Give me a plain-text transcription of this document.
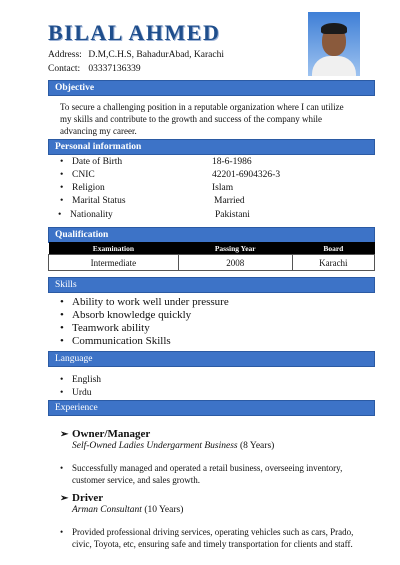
BILAL AHMED
Address: D.M,C.H.S, BahadurAbad, Karachi
Contact: 03337136339
Objective

To secure a challenging position in a reputable organization where I can utilize my skills and contribute to the growth and success of the company while advancing my career.

Personal information
• Date of Birth	18-6-1986
• CNIC	42201-6904326-3
• Religion	Islam
• Marital Status	Married
• Nationality	Pakistani
Qualification
Examination	Passing Year	Board
Intermediate	2008	Karachi
Skills
• Ability to work well under pressure
• Absorb knowledge quickly
• Teamwork ability
• Communication Skills
Language
• English
• Urdu
Experience
➢ Owner/Manager
Self-Owned Ladies Undergarment Business (8 Years)
• Successfully managed and operated a retail business, overseeing inventory, customer service, and sales growth.
➢ Driver
Arman Consultant (10 Years)
• Provided professional driving services, operating vehicles such as cars, Prado, civic, Toyota, etc, ensuring safe and timely transportation for clients and staff.
